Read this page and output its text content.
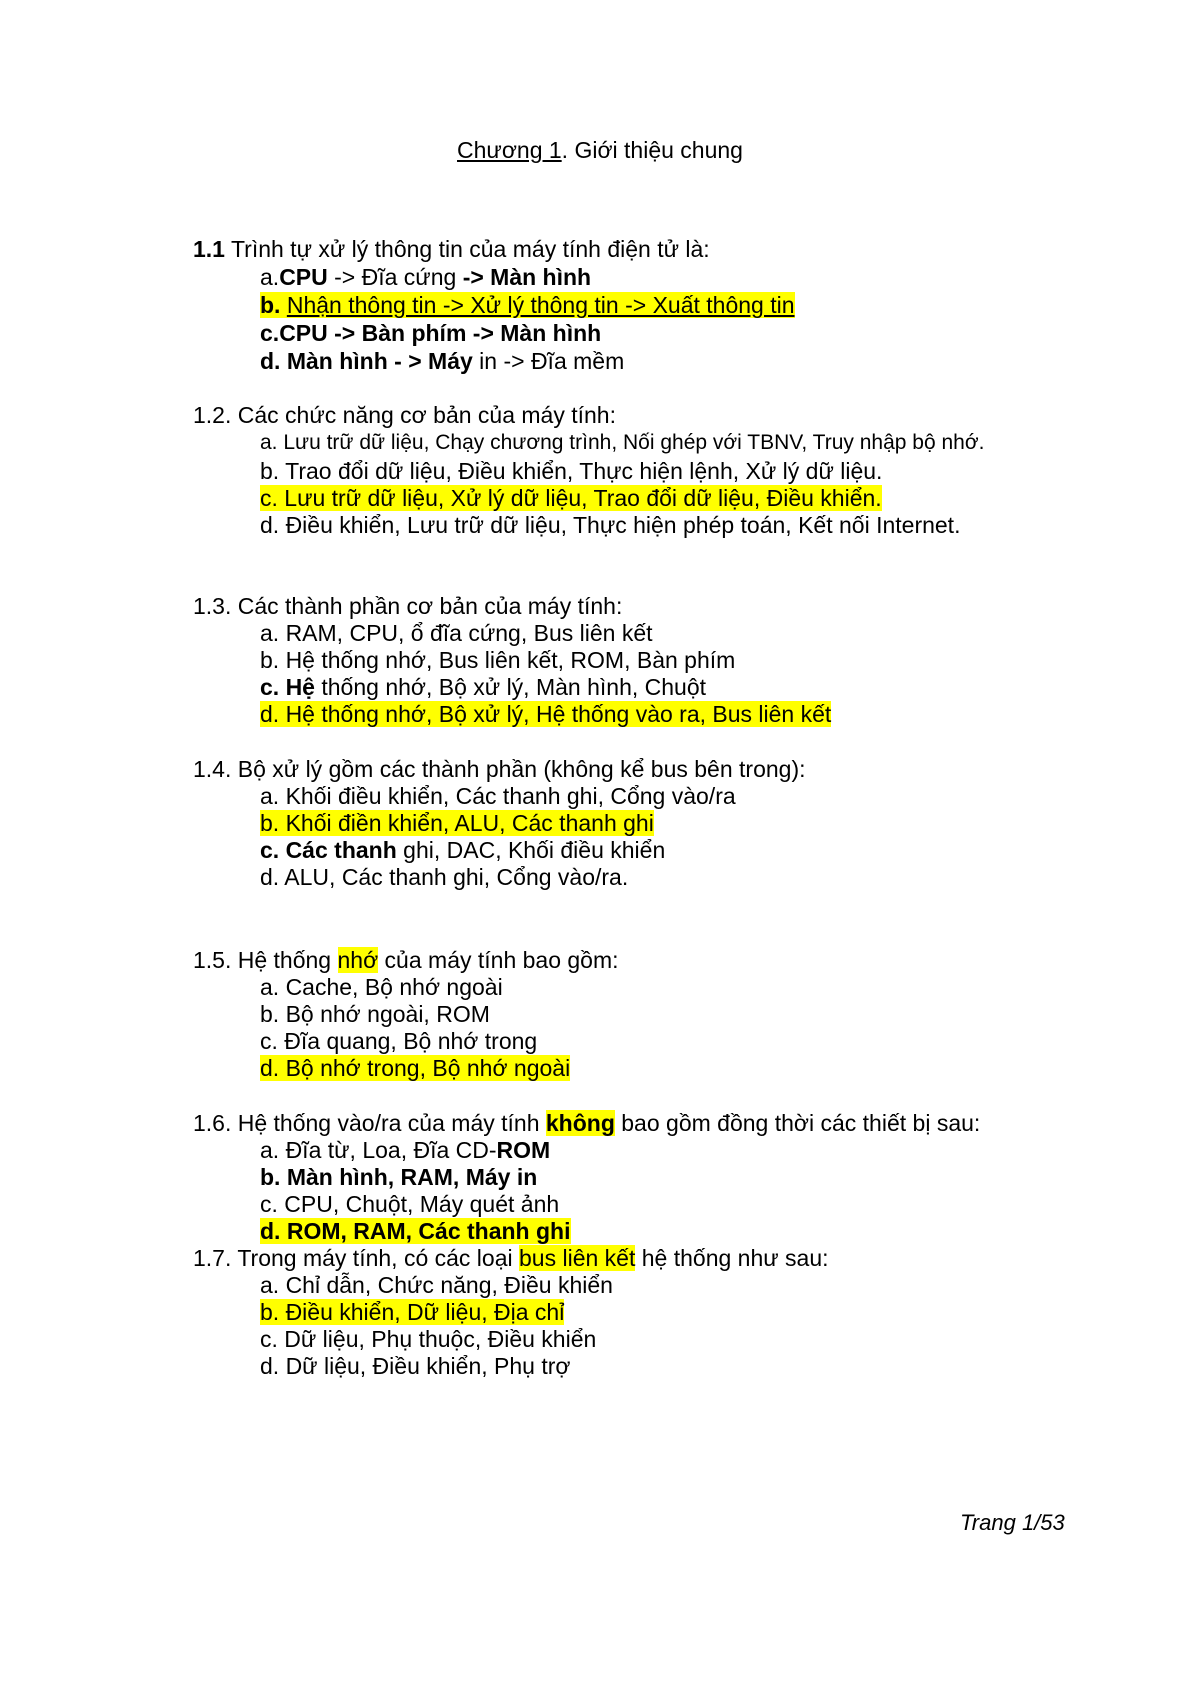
Chương 1. Giới thiệu chung
1.1 Trình tự xử lý thông tin của máy tính điện tử là:
a.CPU -> Đĩa cứng -> Màn hình
b. Nhận thông tin -> Xử lý thông tin -> Xuất thông tin
c.CPU -> Bàn phím -> Màn hình
d. Màn hình - > Máy in -> Đĩa mềm
1.2. Các chức năng cơ bản của máy tính:
a. Lưu trữ dữ liệu, Chạy chương trình, Nối ghép với TBNV, Truy nhập bộ nhớ.
b. Trao đổi dữ liệu, Điều khiển, Thực hiện lệnh, Xử lý dữ liệu.
c. Lưu trữ dữ liệu, Xử lý dữ liệu, Trao đổi dữ liệu, Điều khiển.
d. Điều khiển, Lưu trữ dữ liệu, Thực hiện phép toán, Kết nối Internet.
1.3. Các thành phần cơ bản của máy tính:
a. RAM, CPU, ổ đĩa cứng, Bus liên kết
b. Hệ thống nhớ, Bus liên kết, ROM, Bàn phím
c. Hệ thống nhớ, Bộ xử lý, Màn hình, Chuột
d. Hệ thống nhớ, Bộ xử lý, Hệ thống vào ra, Bus liên kết
1.4. Bộ xử lý gồm các thành phần (không kể bus bên trong):
a. Khối điều khiển, Các thanh ghi, Cổng vào/ra
b. Khối điền khiển, ALU, Các thanh ghi
c. Các thanh ghi, DAC, Khối điều khiển
d. ALU, Các thanh ghi, Cổng vào/ra.
1.5. Hệ thống nhớ của máy tính bao gồm:
a. Cache, Bộ nhớ ngoài
b. Bộ nhớ ngoài, ROM
c. Đĩa quang, Bộ nhớ trong
d. Bộ nhớ trong, Bộ nhớ ngoài
1.6. Hệ thống vào/ra của máy tính không bao gồm đồng thời các thiết bị sau:
a. Đĩa từ, Loa, Đĩa CD-ROM
b. Màn hình, RAM, Máy in
c. CPU, Chuột, Máy quét ảnh
d. ROM, RAM, Các thanh ghi
1.7. Trong máy tính, có các loại bus liên kết hệ thống như sau:
a. Chỉ dẫn, Chức năng, Điều khiển
b. Điều khiển, Dữ liệu, Địa chỉ
c. Dữ liệu, Phụ thuộc, Điều khiển
d. Dữ liệu, Điều khiển, Phụ trợ
Trang 1/53
